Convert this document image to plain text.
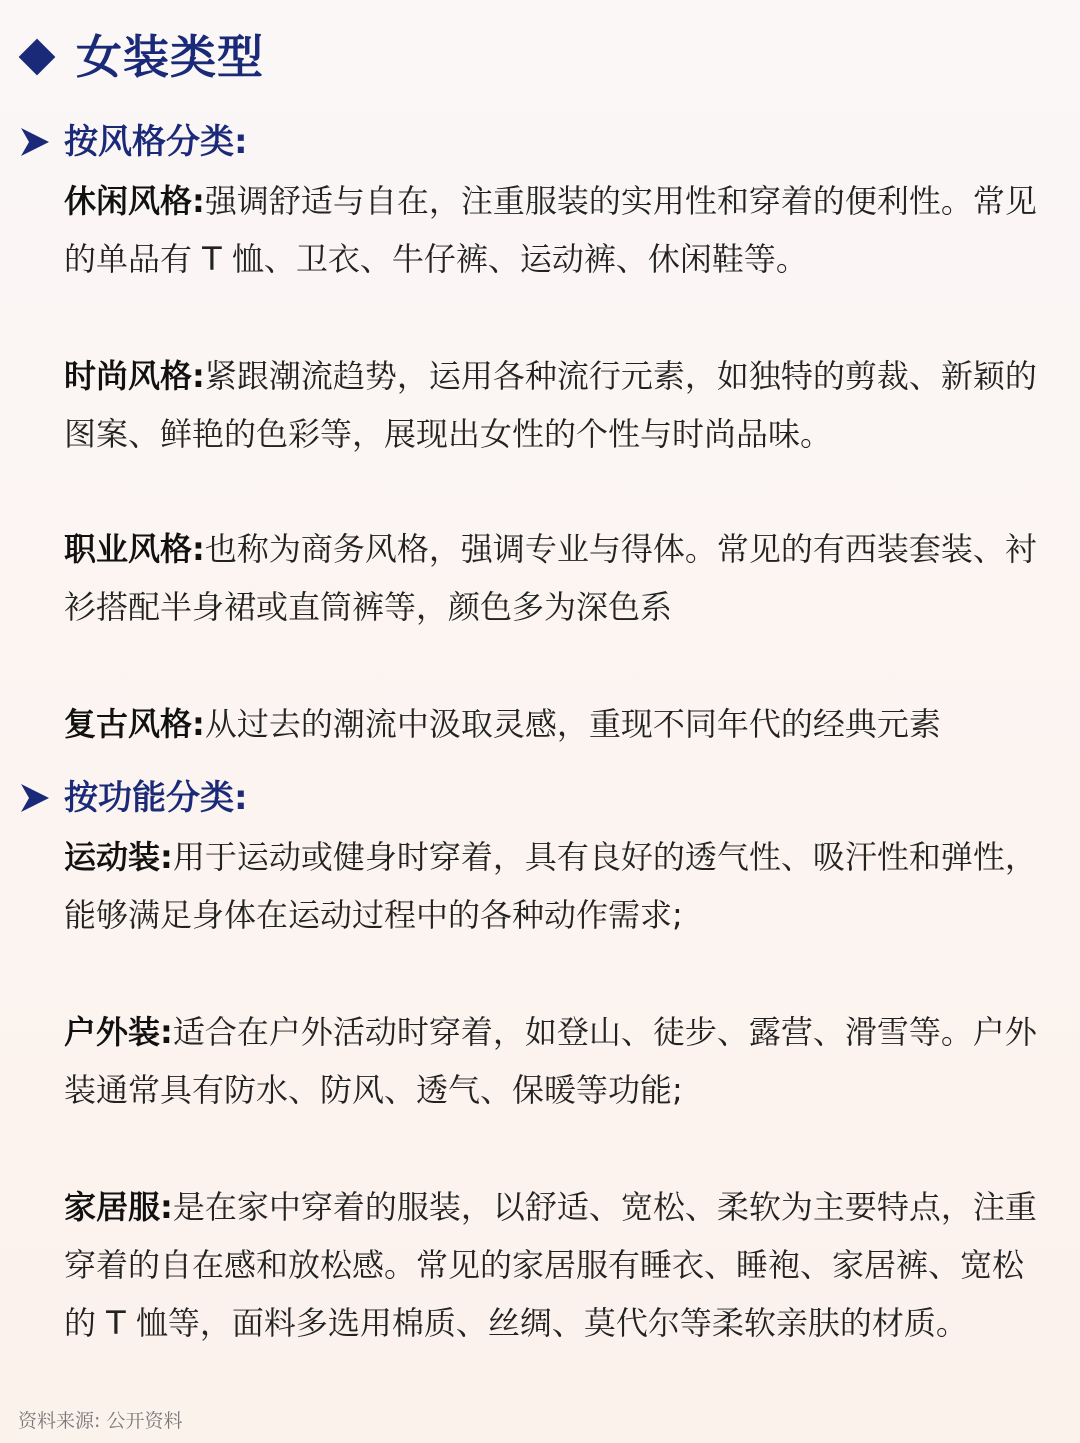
女装类型
按风格分类:
休闲风格:强调舒适与自在，注重服装的实用性和穿着的便利性。常见的单品有 T 恤、卫衣、牛仔裤、运动裤、休闲鞋等。
时尚风格:紧跟潮流趋势，运用各种流行元素，如独特的剪裁、新颖的图案、鲜艳的色彩等，展现出女性的个性与时尚品味。
职业风格:也称为商务风格，强调专业与得体。常见的有西装套装、衬衫搭配半身裙或直筒裤等，颜色多为深色系
复古风格:从过去的潮流中汲取灵感，重现不同年代的经典元素
按功能分类:
运动装:用于运动或健身时穿着，具有良好的透气性、吸汗性和弹性，能够满足身体在运动过程中的各种动作需求;
户外装:适合在户外活动时穿着，如登山、徒步、露营、滑雪等。户外装通常具有防水、防风、透气、保暖等功能;
家居服:是在家中穿着的服装，以舒适、宽松、柔软为主要特点，注重穿着的自在感和放松感。常见的家居服有睡衣、睡袍、家居裤、宽松的 T 恤等，面料多选用棉质、丝绸、莫代尔等柔软亲肤的材质。
资料来源: 公开资料
